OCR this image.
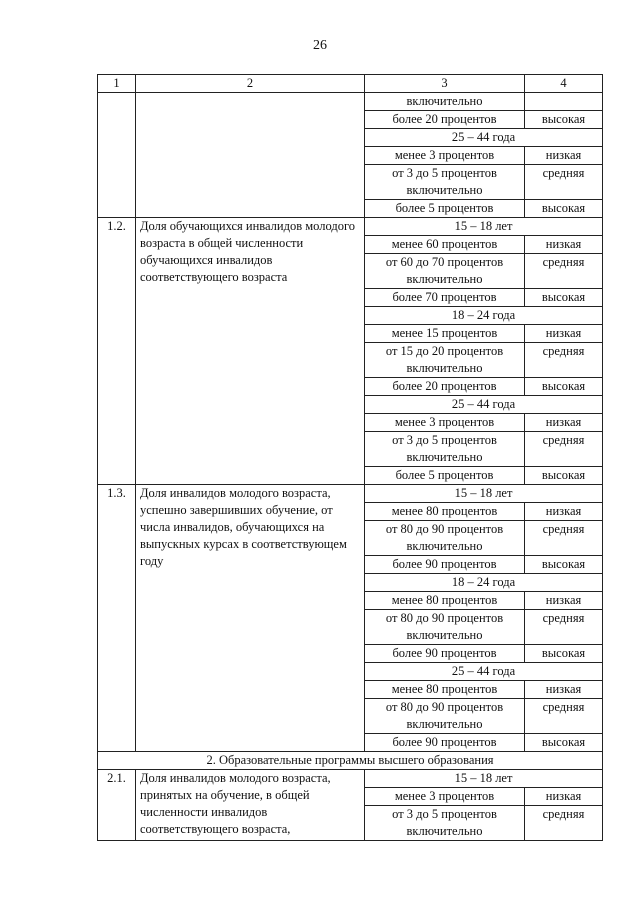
26
1	2	3	4
		включительно	
		более 20 процентов	высокая
		25 – 44 года	
		менее 3 процентов	низкая
		от 3 до 5 процентов включительно	средняя
		более 5 процентов	высокая
1.2.	Доля обучающихся инвалидов молодого возраста в общей численности обучающихся инвалидов соответствующего возраста	15 – 18 лет	
		менее 60 процентов	низкая
		от 60 до 70 процентов включительно	средняя
		более 70 процентов	высокая
		18 – 24 года	
		менее 15 процентов	низкая
		от 15 до 20 процентов включительно	средняя
		более 20 процентов	высокая
		25 – 44 года	
		менее 3 процентов	низкая
		от 3 до 5 процентов включительно	средняя
		более 5 процентов	высокая
1.3.	Доля инвалидов молодого возраста, успешно завершивших обучение, от числа инвалидов, обучающихся на выпускных курсах в соответствующем году	15 – 18 лет	
		менее 80 процентов	низкая
		от 80 до 90 процентов включительно	средняя
		более 90 процентов	высокая
		18 – 24 года	
		менее 80 процентов	низкая
		от 80 до 90 процентов включительно	средняя
		более 90 процентов	высокая
		25 – 44 года	
		менее 80 процентов	низкая
		от 80 до 90 процентов включительно	средняя
		более 90 процентов	высокая
2. Образовательные программы высшего образования			
2.1.	Доля инвалидов молодого возраста, принятых на обучение, в общей численности инвалидов соответствующего возраста,	15 – 18 лет	
		менее 3 процентов	низкая
		от 3 до 5 процентов включительно	средняя
